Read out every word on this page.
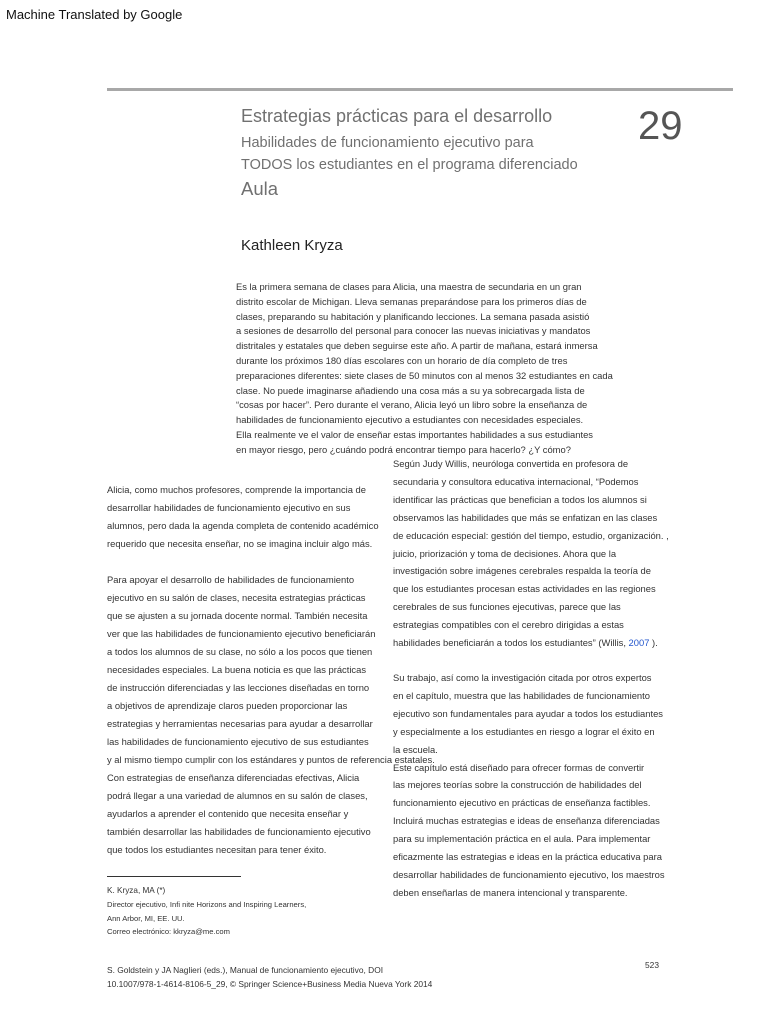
Machine Translated by Google
Estrategias prácticas para el desarrollo
Habilidades de funcionamiento ejecutivo para
TODOS los estudiantes en el programa diferenciado
Aula
29
Kathleen Kryza
Es la primera semana de clases para Alicia, una maestra de secundaria en un gran
distrito escolar de Michigan. Lleva semanas preparándose para los primeros días de
clases, preparando su habitación y planificando lecciones. La semana pasada asistió
a sesiones de desarrollo del personal para conocer las nuevas iniciativas y mandatos
distritales y estatales que deben seguirse este año. A partir de mañana, estará inmersa
durante los próximos 180 días escolares con un horario de día completo de tres
preparaciones diferentes: siete clases de 50 minutos con al menos 32 estudiantes en cada
clase. No puede imaginarse añadiendo una cosa más a su ya sobrecargada lista de
“cosas por hacer”. Pero durante el verano, Alicia leyó un libro sobre la enseñanza de
habilidades de funcionamiento ejecutivo a estudiantes con necesidades especiales.
Ella realmente ve el valor de enseñar estas importantes habilidades a sus estudiantes
en mayor riesgo, pero ¿cuándo podrá encontrar tiempo para hacerlo? ¿Y cómo?
Alicia, como muchos profesores, comprende la importancia de
desarrollar habilidades de funcionamiento ejecutivo en sus
alumnos, pero dada la agenda completa de contenido académico
requerido que necesita enseñar, no se imagina incluir algo más.
Para apoyar el desarrollo de habilidades de funcionamiento
ejecutivo en su salón de clases, necesita estrategias prácticas
que se ajusten a su jornada docente normal. También necesita
ver que las habilidades de funcionamiento ejecutivo beneficiarán
a todos los alumnos de su clase, no sólo a los pocos que tienen
necesidades especiales. La buena noticia es que las prácticas
de instrucción diferenciadas y las lecciones diseñadas en torno
a objetivos de aprendizaje claros pueden proporcionar las
estrategias y herramientas necesarias para ayudar a desarrollar
las habilidades de funcionamiento ejecutivo de sus estudiantes
y al mismo tiempo cumplir con los estándares y puntos de referencia estatales.
Con estrategias de enseñanza diferenciadas efectivas, Alicia
podrá llegar a una variedad de alumnos en su salón de clases,
ayudarlos a aprender el contenido que necesita enseñar y
también desarrollar las habilidades de funcionamiento ejecutivo
que todos los estudiantes necesitan para tener éxito.
Según Judy Willis, neuróloga convertida en profesora de
secundaria y consultora educativa internacional, “Podemos
identificar las prácticas que benefician a todos los alumnos si
observamos las habilidades que más se enfatizan en las clases
de educación especial: gestión del tiempo, estudio, organización. ,
juicio, priorización y toma de decisiones. Ahora que la
investigación sobre imágenes cerebrales respalda la teoría de
que los estudiantes procesan estas actividades en las regiones
cerebrales de sus funciones ejecutivas, parece que las
estrategias compatibles con el cerebro dirigidas a estas
habilidades beneficiarán a todos los estudiantes” (Willis, 2007 ).
Su trabajo, así como la investigación citada por otros expertos
en el capítulo, muestra que las habilidades de funcionamiento
ejecutivo son fundamentales para ayudar a todos los estudiantes
y especialmente a los estudiantes en riesgo a lograr el éxito en
la escuela.
Este capítulo está diseñado para ofrecer formas de convertir
las mejores teorías sobre la construcción de habilidades del
funcionamiento ejecutivo en prácticas de enseñanza factibles.
Incluirá muchas estrategias e ideas de enseñanza diferenciadas
para su implementación práctica en el aula. Para implementar
eficazmente las estrategias e ideas en la práctica educativa para
desarrollar habilidades de funcionamiento ejecutivo, los maestros
deben enseñarlas de manera intencional y transparente.
K. Kryza, MA (*)
Director ejecutivo, Infi nite Horizons and Inspiring Learners,
Ann Arbor, MI, EE. UU.
Correo electrónico: kkryza@me.com
S. Goldstein y JA Naglieri (eds.), Manual de funcionamiento ejecutivo, DOI
10.1007/978-1-4614-8106-5_29, © Springer Science+Business Media Nueva York 2014
523
